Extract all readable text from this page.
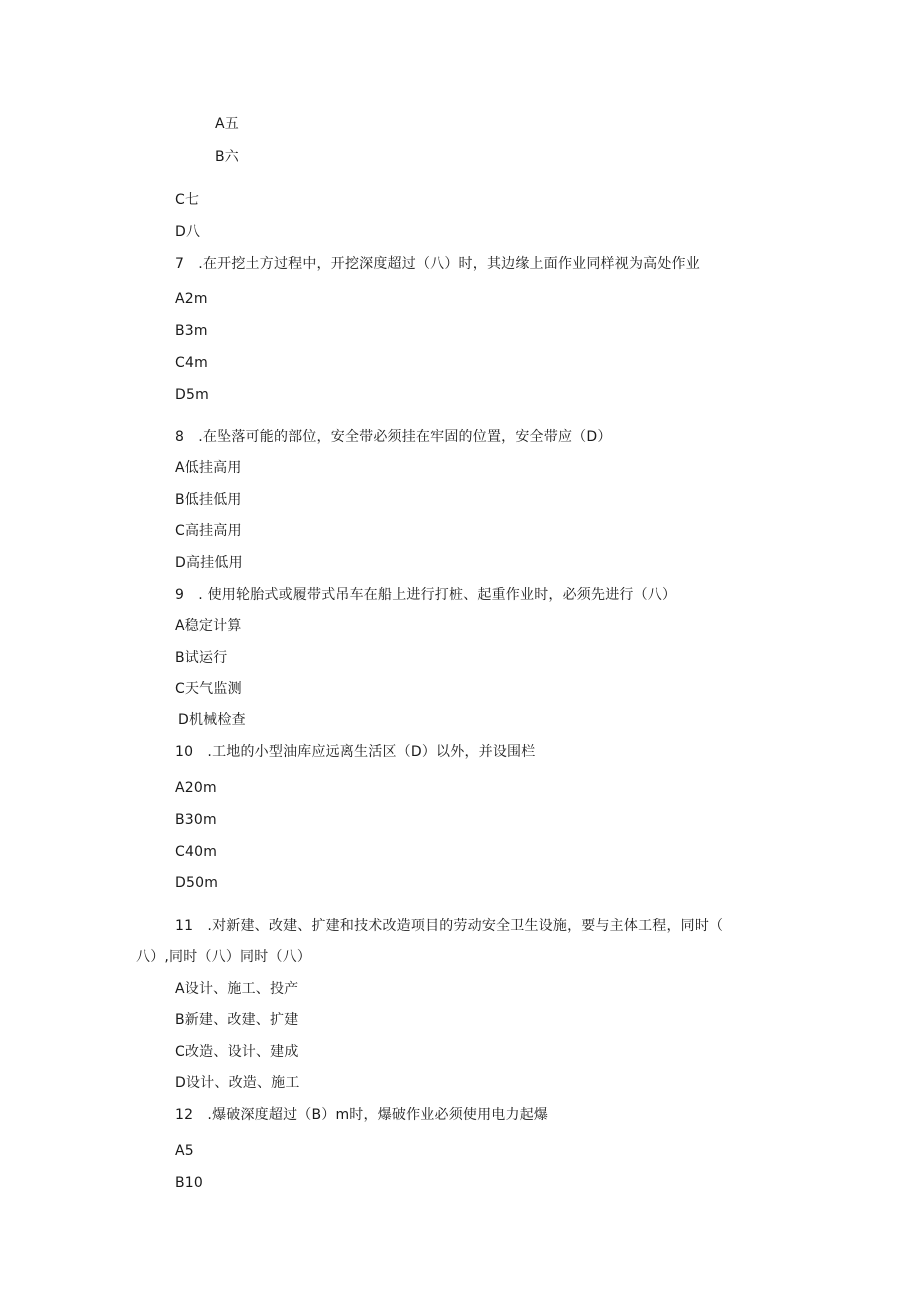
A五
B六
C七
D八
7　.在开挖土方过程中，开挖深度超过（八）时，其边缘上面作业同样视为高处作业
A2m
B3m
C4m
D5m
8　.在坠落可能的部位，安全带必须挂在牢固的位置，安全带应（D）
A低挂高用
B低挂低用
C高挂高用
D高挂低用
9　. 使用轮胎式或履带式吊车在船上进行打桩、起重作业时，必须先进行（八）
A稳定计算
B试运行
C天气监测
D机械检查
10　.工地的小型油库应远离生活区（D）以外，并设围栏
A20m
B30m
C40m
D50m
11　.对新建、改建、扩建和技术改造项目的劳动安全卫生设施，要与主体工程，同时（
八）,同时（八）同时（八）
A设计、施工、投产
B新建、改建、扩建
C改造、设计、建成
D设计、改造、施工
12　.爆破深度超过（B）m时，爆破作业必须使用电力起爆
A5
B10
